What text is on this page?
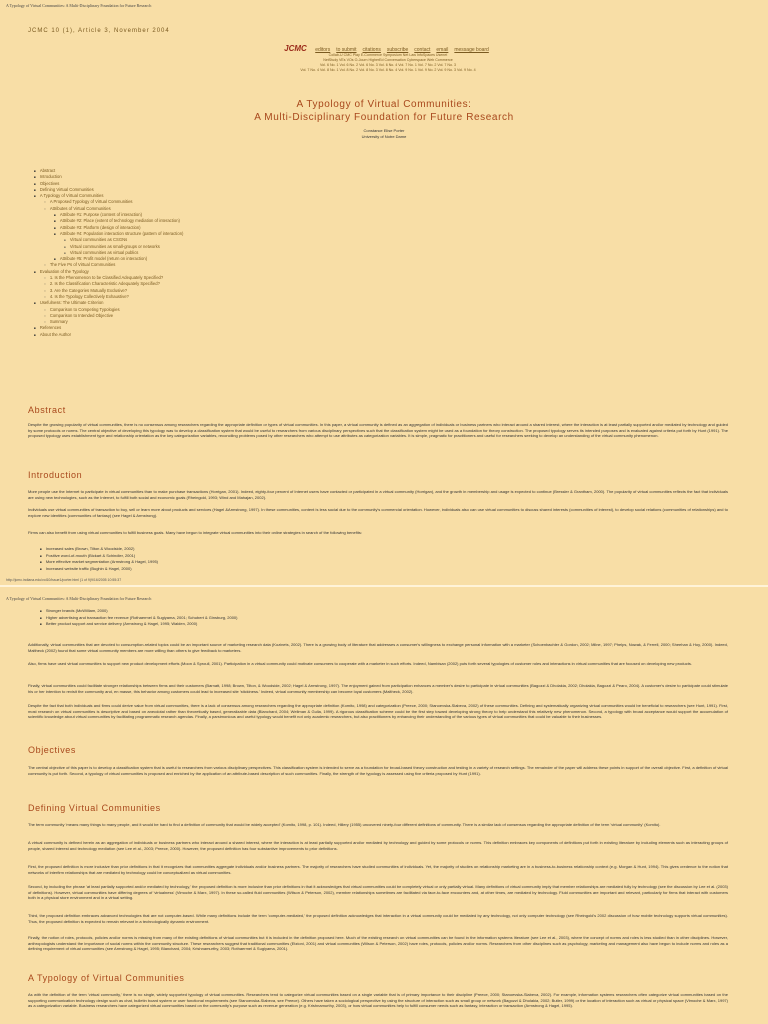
A Typology of Virtual Communities: A Multi-Disciplinary Foundation for Future Research
JCMC 10 (1), Article 3, November 2004
JCMC editors to submit citations subscribe contact email message board
Collab-U CMC Play E-Commerce Symposium Net Law InfoSpaces Usenet
NetStudy VEs VOs O-Journ HigherEd Conversation Cyberspace Web Commerce
Vol. 6 No. 1 Vol. 6 No. 2 Vol. 6 No. 3 Vol. 6 No. 4 Vol. 7 No. 1 Vol. 7 No. 2 Vol. 7 No. 3
Vol. 7 No. 4 Vol. 8 No. 1 Vol. 8 No. 2 Vol. 8 No. 3 Vol. 8 No. 4 Vol. 9 No. 1 Vol. 9 No. 2 Vol. 9 No. 3 Vol. 9 No. 4
A Typology of Virtual Communities:
A Multi-Disciplinary Foundation for Future Research
Constance Elise Porter
University of Notre Dame
■ Abstract
■ Introduction
■ Objectives
■ Defining Virtual Communities
■ A Typology of Virtual Communities
○ A Proposed Typology of Virtual Communities
○ Attributes of Virtual Communities
■ Attribute #1: Purpose (content of interaction)
■ Attribute #2: Place (extent of technology mediation of interaction)
■ Attribute #3: Platform (design of interaction)
■ Attribute #4: Population interaction structure (pattern of interaction)
● Virtual communities as CSGNs
● Virtual communities as small-groups or networks
● Virtual communities as virtual publics
■ Attribute #5: Profit model (return on interaction)
○ The Five Ps of Virtual Communities
■ Evaluation of the Typology
○ 1. Is the Phenomenon to be Classified Adequately Specified?
○ 2. Is the Classification Characteristic Adequately Specified?
○ 3. Are the Categories Mutually Exclusive?
○ 4. Is the Typology Collectively Exhaustive?
■ Usefulness: The Ultimate Criterion
○ Comparison to Competing Typologies
○ Comparison to Intended Objective
○ Summary
■ References
■ About the Author
Abstract

Despite the growing popularity of virtual communities, there is no consensus among researchers regarding the appropriate definition or types of virtual communities. In this paper, a virtual community is defined as an aggregation of individuals or business partners who interact around a shared interest, where the interaction is at least partially supported and/or mediated by technology and guided by some protocols or norms. The central objective of developing this typology was to develop a classification system that would be useful to researchers from various disciplinary perspectives such that the classification system might be used as a foundation for theory construction. The proposed typology serves its intended purposes and is evaluated against criteria put forth by Hunt (1991). The proposed typology uses establishment type and relationship orientation as the key categorization variables, reconciling problems posed by other researchers who attempt to use attributes as categorization variables. It is simple, pragmatic for practitioners and useful for researchers seeking to develop an understanding of the virtual community phenomenon.

Introduction

More people use the Internet to participate in virtual communities than to make purchase transactions (Horrigan, 2001). Indeed, eighty-four percent of Internet users have contacted or participated in a virtual community (Horrigan), and the growth in membership and usage is expected to continue (Bressler & Grantham, 2000). The popularity of virtual communities reflects the fact that individuals are using new technologies, such as the Internet, to fulfill both social and economic goals (Rheingold, 1993; Wind and Mahajan, 2002).

Individuals use virtual communities of transaction to buy, sell or learn more about products and services (Hagel &Armstrong, 1997). In these communities, content is less social due to the community's commercial orientation. However, individuals also can use virtual communities to discuss shared interests (communities of interest), to develop social relations (communities of relationships) and to explore new identities (communities of fantasy) (see Hagel & Armstrong).

Firms can also benefit from using virtual communities to fulfill business goals. Many have begun to integrate virtual communities into their online strategies in search of the following benefits:

■ Increased sales (Brown, Tilton & Woodside, 2002)
■ Positive word-of-mouth (Bickart & Schindler, 2001)
■ More effective market segmentation (Armstrong & Hagel, 1995)
■ Increased website traffic (Bughin & Hagel, 2000)
http://jcmc.indiana.edu/vol10/issue1/porter.html (1 of 9)9/16/2005 10:55:37
A Typology of Virtual Communities: A Multi-Disciplinary Foundation for Future Research
■ Stronger brands (McWilliam, 2000)
■ Higher advertising and transaction fee revenue (Rothaermel & Sugiyama, 2001; Schubert & Ginsburg, 2000)
■ Better product support and service delivery (Armstrong & Hagel, 1995; Walden, 2000)

Additionally, virtual communities that are devoted to consumption-related topics could be an important source of marketing research data (Kozinets, 2002). There is a growing body of literature that addresses a consumer's willingness to exchange personal information with a marketer (Schoenbachler & Gordon, 2002; Milne, 1997; Phelps, Nowak, & Ferrell, 2000; Sheehan & Hoy, 2000). Indeed, Maltheck (2002) found that some virtual community members are more willing than others to give feedback to marketers.

Also, firms have used virtual communities to support new product development efforts (Moon & Sproull, 2001). Participation in a virtual community could motivate consumers to cooperate with a marketer in such efforts. Indeed, Nambisan (2002) puts forth several typologies of customer roles and interactions in virtual communities that are focused on developing new products.

Finally, virtual communities could facilitate stronger relationships between firms and their customers (Barnatt, 1998; Brown, Tilton, & Woodside, 2002; Hagel & Armstrong, 1997). The enjoyment gained from participation enhances a member's desire to participate in virtual communities (Bagozzi & Dholakia, 2002; Dholakia, Bagozzi & Pearo, 2004). A customer's desire to participate could stimulate his or her intention to revisit the community and, en masse, this behavior among customers could lead to increased site 'stickiness.' Indeed, virtual community membership can become loyal customers (Maltheck, 2002).

Despite the fact that both individuals and firms could derive value from virtual communities, there is a lack of consensus among researchers regarding the appropriate definition (Komito, 1998) and categorization (Preece, 2000; Stanoevska-Slabeva, 2002) of these communities. Defining and systematically organizing virtual communities would be beneficial to researchers (see Hunt, 1991). First, most research on virtual communities is descriptive and based on anecdotal rather than theoretically based, generalizable data (Blanchard, 2004; Wellman & Gulia, 1999). A rigorous classification scheme could be the first step toward developing strong theory to help understand this relatively new phenomenon. Second, a typology with broad acceptance would support the accumulation of scientific knowledge about virtual communities by facilitating programmatic research agendas. Finally, a parsimonious and useful typology would benefit not only academic researchers, but also practitioners by enhancing their understanding of the various types of virtual communities that could be valuable to their businesses.

Objectives

The central objective of this paper is to develop a classification system that is useful to researchers from various disciplinary perspectives. This classification system is intended to serve as a foundation for broad-based theory construction and testing in a variety of research settings. The remainder of the paper will address these points in support of the overall objective. First, a definition of virtual community is put forth. Second, a typology of virtual communities is proposed and enriched by the application of an attribute-based description of such communities. Finally, the strength of the typology is assessed using five criteria proposed by Hunt (1991).

Defining Virtual Communities

The term community 'means many things to many people, and it would be hard to find a definition of community that would be widely accepted' (Komito, 1998, p. 101). Indeed, Hillery (1955) uncovered ninety-four different definitions of community. There is a similar lack of consensus regarding the appropriate definition of the term 'virtual community' (Komito).

A virtual community is defined herein as an aggregation of individuals or business partners who interact around a shared interest, where the interaction is at least partially supported and/or mediated by technology and guided by some protocols or norms. This definition embraces key components of definitions put forth in existing literature by including elements such as interacting groups of people, shared interest and technology mediation (see Lee et al., 2003; Preece, 2000). However, the proposed definition has four substantive improvements to prior definitions.

First, the proposed definition is more inclusive than prior definitions in that it recognizes that communities aggregate individuals and/or business partners. The majority of researchers have studied communities of individuals. Yet, the majority of studies on relationship marketing are in a business-to-business relationship context (e.g. Morgan & Hunt, 1994). This gives credence to the notion that networks of interfirm relationships that are mediated by technology could be conceptualized as virtual communities.

Second, by including the phrase 'at least partially supported and/or mediated by technology,' the proposed definition is more inclusive than prior definitions in that it acknowledges that virtual communities could be completely virtual or only partially virtual. Many definitions of virtual community imply that member relationships are mediated fully by technology (see the discussion by Lee et al. (2003) of definitions). However, virtual communities have differing degrees of 'virtualness' (Vimoche & Marx, 1997). In these so-called fluid communities (Wilson & Peterson, 2002), member relationships sometimes are facilitated via face-to-face encounters and, at other times, are mediated by technology. Fluid communities are important and relevant, particularly for firms that interact with customers both in a physical store environment and in a virtual setting.

Third, the proposed definition embraces advanced technologies that are not computer-based. While many definitions include the term 'computer-mediated,' the proposed definition acknowledges that interaction in a virtual community could be mediated by any technology, not only computer technology (see Rheingold's 2002 discussion of how mobile technology supports virtual communities). Thus, the proposed definition is expected to remain relevant in a technologically dynamic environment.

Finally, the notion of roles, protocols, policies and/or norms is missing from many of the existing definitions of virtual communities but it is included in the definition proposed here. Much of the existing research on virtual communities can be found in the information systems literature (see Lee et al., 2003), where the concept of norms and roles is less studied than in other disciplines. However, anthropologists understand the importance of social norms within the community structure. These researchers suggest that traditional communities (Etzioni, 2001) and virtual communities (Wilson & Peterson, 2002) have roles, protocols, policies and/or norms. Researchers from other disciplines such as psychology, marketing and management also have begun to include norms and roles as a defining requirement of virtual communities (see Armstrong & Hagel, 1995; Blanchard, 2004; Krishnamurthy, 2003; Rothaermel & Sugiyama, 2001).

A Typology of Virtual Communities

As with the definition of the term 'virtual community,' there is no single, widely supported typology of virtual communities. Researchers tend to categorize virtual communities based on a single variable that is of primary importance to their discipline (Preece, 2000; Stanoevska-Slabeva, 2002). For example, information systems researchers often categorize virtual communities based on the supporting communication technology design such as chat, bulletin board system or user functional requirements (see Stanoevska-Slabeva, see Preece). Others have taken a sociological perspective by using the structure of interaction such as small group or network (Bagozzi & Dholakia, 2002; Butler, 1999) or the location of interaction such as virtual or physical space (Vimoche & Marx, 1997) as a categorization variable. Business researchers have categorized virtual communities based on the community's purpose such as revenue generation (e.g. Krishnamurthy, 2003), or how virtual communities help to fulfill consumer needs such as fantasy, interaction or transaction (Armstrong & Hagel, 1995).
